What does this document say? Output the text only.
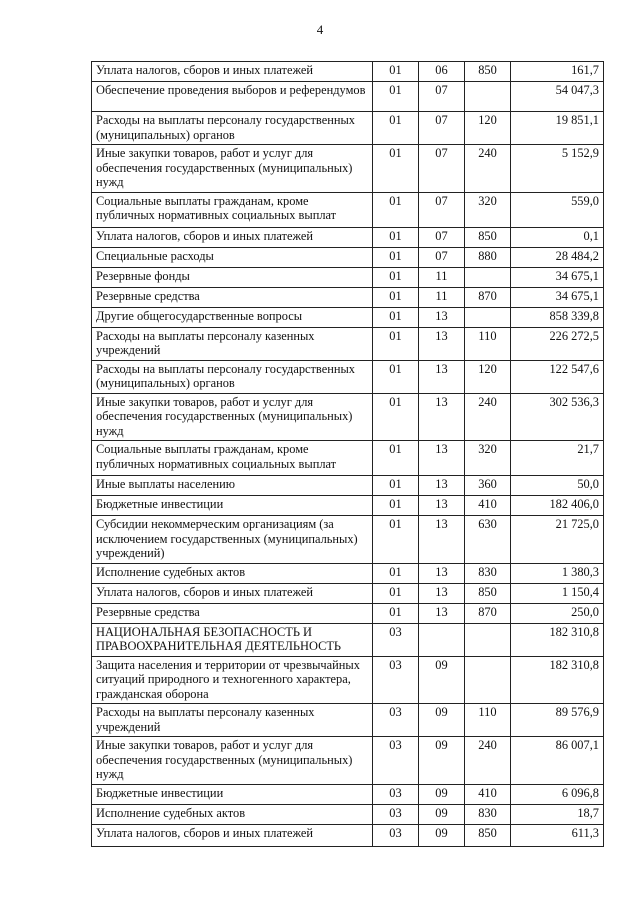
4
Уплата налогов, сборов и иных платежей	01	06	850	161,7
Обеспечение проведения выборов и референдумов	01	07		54 047,3
Расходы на выплаты персоналу государственных (муниципальных) органов	01	07	120	19 851,1
Иные закупки товаров, работ и услуг для обеспечения государственных (муниципальных) нужд	01	07	240	5 152,9
Социальные выплаты гражданам, кроме публичных нормативных социальных выплат	01	07	320	559,0
Уплата налогов, сборов и иных платежей	01	07	850	0,1
Специальные расходы	01	07	880	28 484,2
Резервные фонды	01	11		34 675,1
Резервные средства	01	11	870	34 675,1
Другие общегосударственные вопросы	01	13		858 339,8
Расходы на выплаты персоналу казенных учреждений	01	13	110	226 272,5
Расходы на выплаты персоналу государственных (муниципальных) органов	01	13	120	122 547,6
Иные закупки товаров, работ и услуг для обеспечения государственных (муниципальных) нужд	01	13	240	302 536,3
Социальные выплаты гражданам, кроме публичных нормативных социальных выплат	01	13	320	21,7
Иные выплаты населению	01	13	360	50,0
Бюджетные инвестиции	01	13	410	182 406,0
Субсидии некоммерческим организациям (за исключением государственных (муниципальных) учреждений)	01	13	630	21 725,0
Исполнение судебных актов	01	13	830	1 380,3
Уплата налогов, сборов и иных платежей	01	13	850	1 150,4
Резервные средства	01	13	870	250,0
НАЦИОНАЛЬНАЯ БЕЗОПАСНОСТЬ И ПРАВООХРАНИТЕЛЬНАЯ ДЕЯТЕЛЬНОСТЬ	03			182 310,8
Защита населения и территории от чрезвычайных ситуаций природного и техногенного характера, гражданская оборона	03	09		182 310,8
Расходы на выплаты персоналу казенных учреждений	03	09	110	89 576,9
Иные закупки товаров, работ и услуг для обеспечения государственных (муниципальных) нужд	03	09	240	86 007,1
Бюджетные инвестиции	03	09	410	6 096,8
Исполнение судебных актов	03	09	830	18,7
Уплата налогов, сборов и иных платежей	03	09	850	611,3
